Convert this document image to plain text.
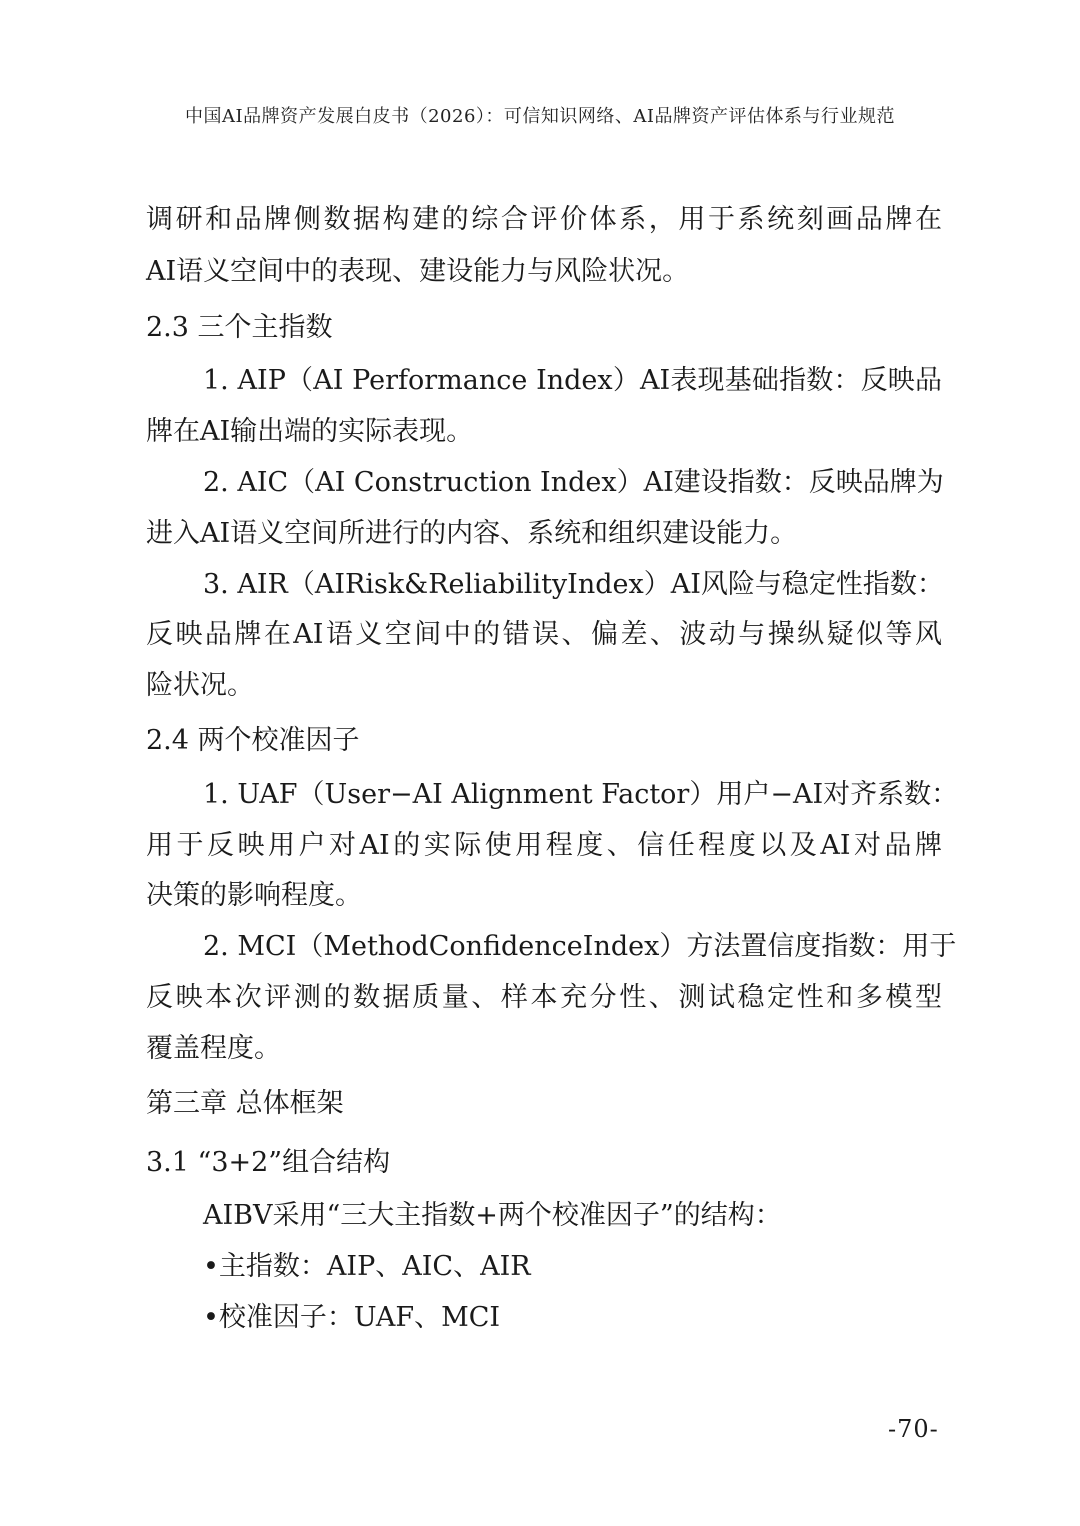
中国AI品牌资产发展白皮书（2026）：可信知识网络、AI品牌资产评估体系与行业规范
调研和品牌侧数据构建的综合评价体系，用于系统刻画品牌在
AI语义空间中的表现、建设能力与风险状况。
2.3 三个主指数
1. AIP（AI Performance Index）AI表现基础指数：反映品
牌在AI输出端的实际表现。
2. AIC（AI Construction Index）AI建设指数：反映品牌为
进入AI语义空间所进行的内容、系统和组织建设能力。
3. AIR（AIRisk&ReliabilityIndex）AI风险与稳定性指数：
反映品牌在AI语义空间中的错误、偏差、波动与操纵疑似等风
险状况。
2.4 两个校准因子
1. UAF（User−AI Alignment Factor）用户−AI对齐系数：
用于反映用户对AI的实际使用程度、信任程度以及AI对品牌
决策的影响程度。
2. MCI（MethodConfidenceIndex）方法置信度指数：用于
反映本次评测的数据质量、样本充分性、测试稳定性和多模型
覆盖程度。
第三章 总体框架
3.1 “3+2”组合结构
AIBV采用“三大主指数+两个校准因子”的结构：
•主指数：AIP、AIC、AIR
•校准因子：UAF、MCI
-70-
